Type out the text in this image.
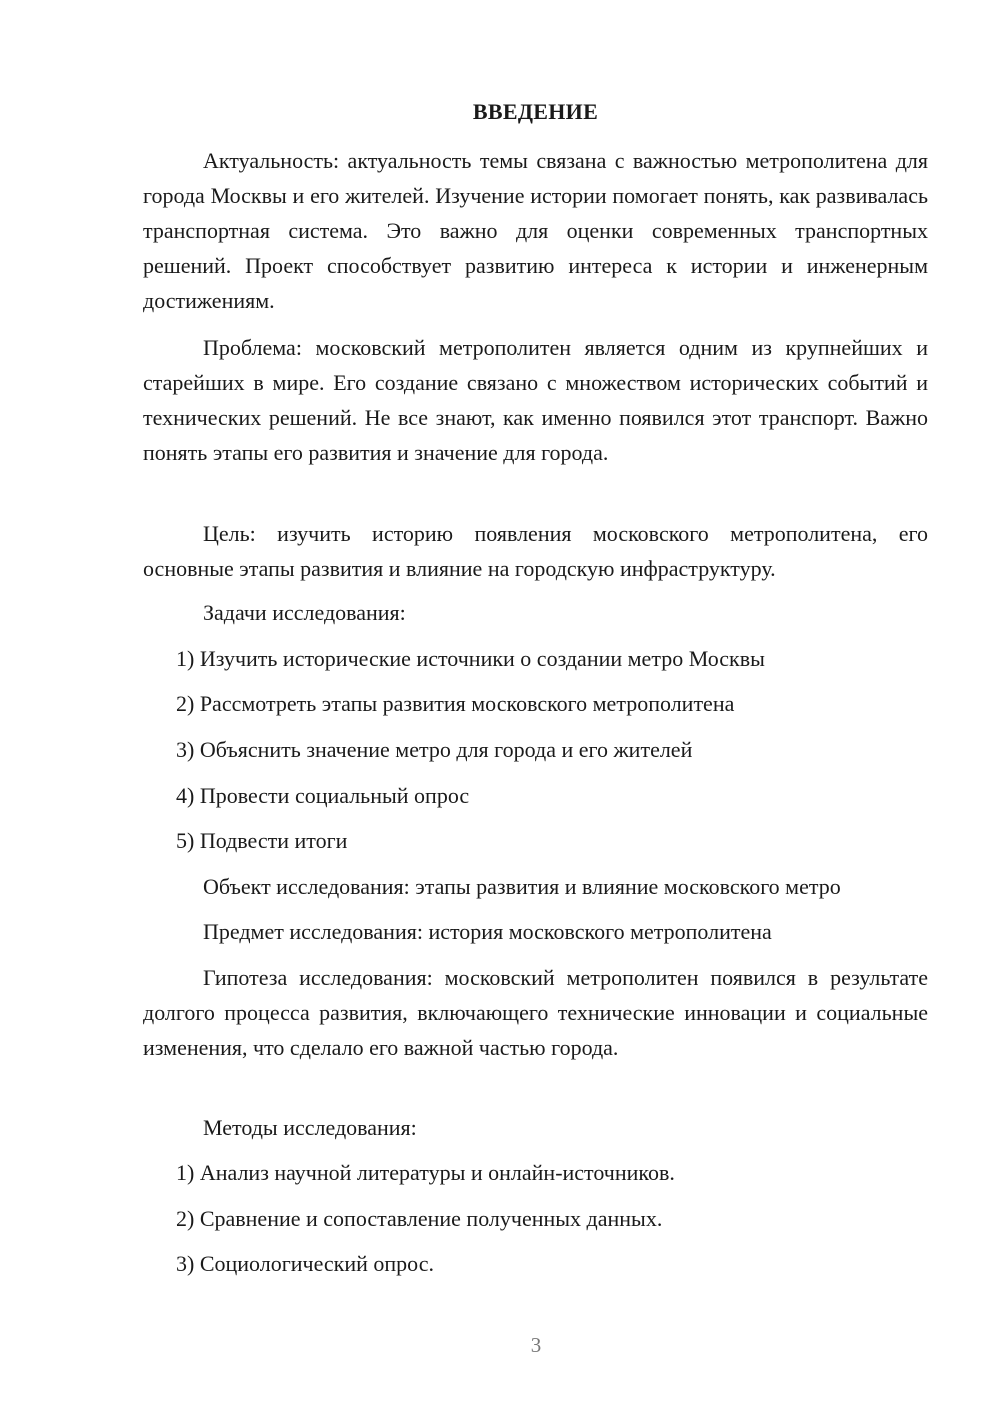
ВВЕДЕНИЕ

Актуальность: актуальность темы связана с важностью метрополитена для города Москвы и его жителей. Изучение истории помогает понять, как развивалась транспортная система. Это важно для оценки современных транспортных решений. Проект способствует развитию интереса к истории и инженерным достижениям.

Проблема: московский метрополитен является одним из крупнейших и старейших в мире. Его создание связано с множеством исторических событий и технических решений. Не все знают, как именно появился этот транспорт. Важно понять этапы его развития и значение для города.

Цель: изучить историю появления московского метрополитена, его основные этапы развития и влияние на городскую инфраструктуру.

Задачи исследования:
1) Изучить исторические источники о создании метро Москвы
2) Рассмотреть этапы развития московского метрополитена
3) Объяснить значение метро для города и его жителей
4) Провести социальный опрос
5) Подвести итоги
Объект исследования: этапы развития и влияние московского метро
Предмет исследования: история московского метрополитена

Гипотеза исследования: московский метрополитен появился в результате долгого процесса развития, включающего технические инновации и социальные изменения, что сделало его важной частью города.

Методы исследования:
1) Анализ научной литературы и онлайн-источников.
2) Сравнение и сопоставление полученных данных.
3) Социологический опрос.
3
